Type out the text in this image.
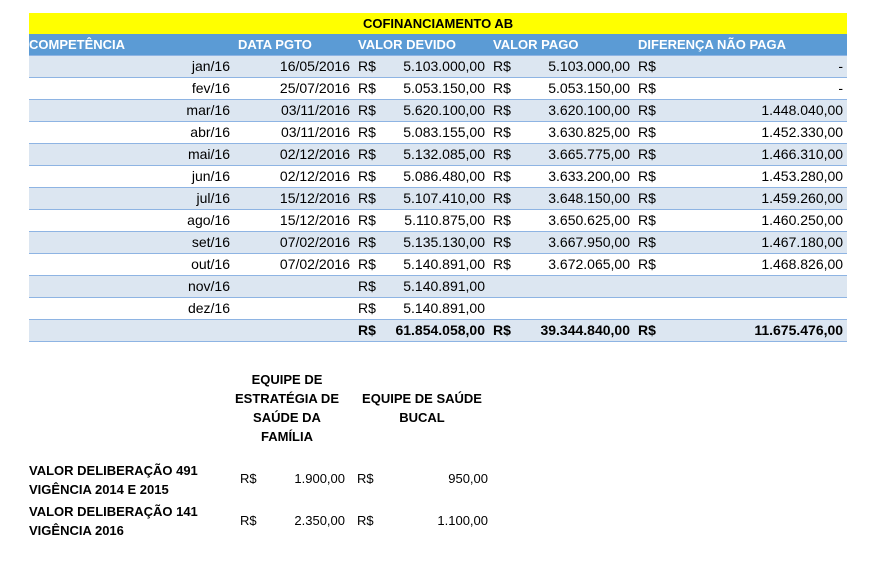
COFINANCIAMENTO AB							
COMPETÊNCIA	DATA PGTO	VALOR DEVIDO		VALOR PAGO		DIFERENÇA NÃO PAGA	
jan/16	16/05/2016	R$	5.103.000,00	R$	5.103.000,00	R$	-
fev/16	25/07/2016	R$	5.053.150,00	R$	5.053.150,00	R$	-
mar/16	03/11/2016	R$	5.620.100,00	R$	3.620.100,00	R$	1.448.040,00
abr/16	03/11/2016	R$	5.083.155,00	R$	3.630.825,00	R$	1.452.330,00
mai/16	02/12/2016	R$	5.132.085,00	R$	3.665.775,00	R$	1.466.310,00
jun/16	02/12/2016	R$	5.086.480,00	R$	3.633.200,00	R$	1.453.280,00
jul/16	15/12/2016	R$	5.107.410,00	R$	3.648.150,00	R$	1.459.260,00
ago/16	15/12/2016	R$	5.110.875,00	R$	3.650.625,00	R$	1.460.250,00
set/16	07/02/2016	R$	5.135.130,00	R$	3.667.950,00	R$	1.467.180,00
out/16	07/02/2016	R$	5.140.891,00	R$	3.672.065,00	R$	1.468.826,00
nov/16		R$	5.140.891,00				
dez/16		R$	5.140.891,00				
		R$	61.854.058,00	R$	39.344.840,00	R$	11.675.476,00
EQUIPE DE
ESTRATÉGIA DE
SAÚDE DA
FAMÍLIA
EQUIPE DE SAÚDE
BUCAL
VALOR DELIBERAÇÃO 491
VIGÊNCIA 2014 E 2015
R$	1.900,00 R$	950,00
VALOR DELIBERAÇÃO 141
VIGÊNCIA 2016
R$	2.350,00 R$	1.100,00
